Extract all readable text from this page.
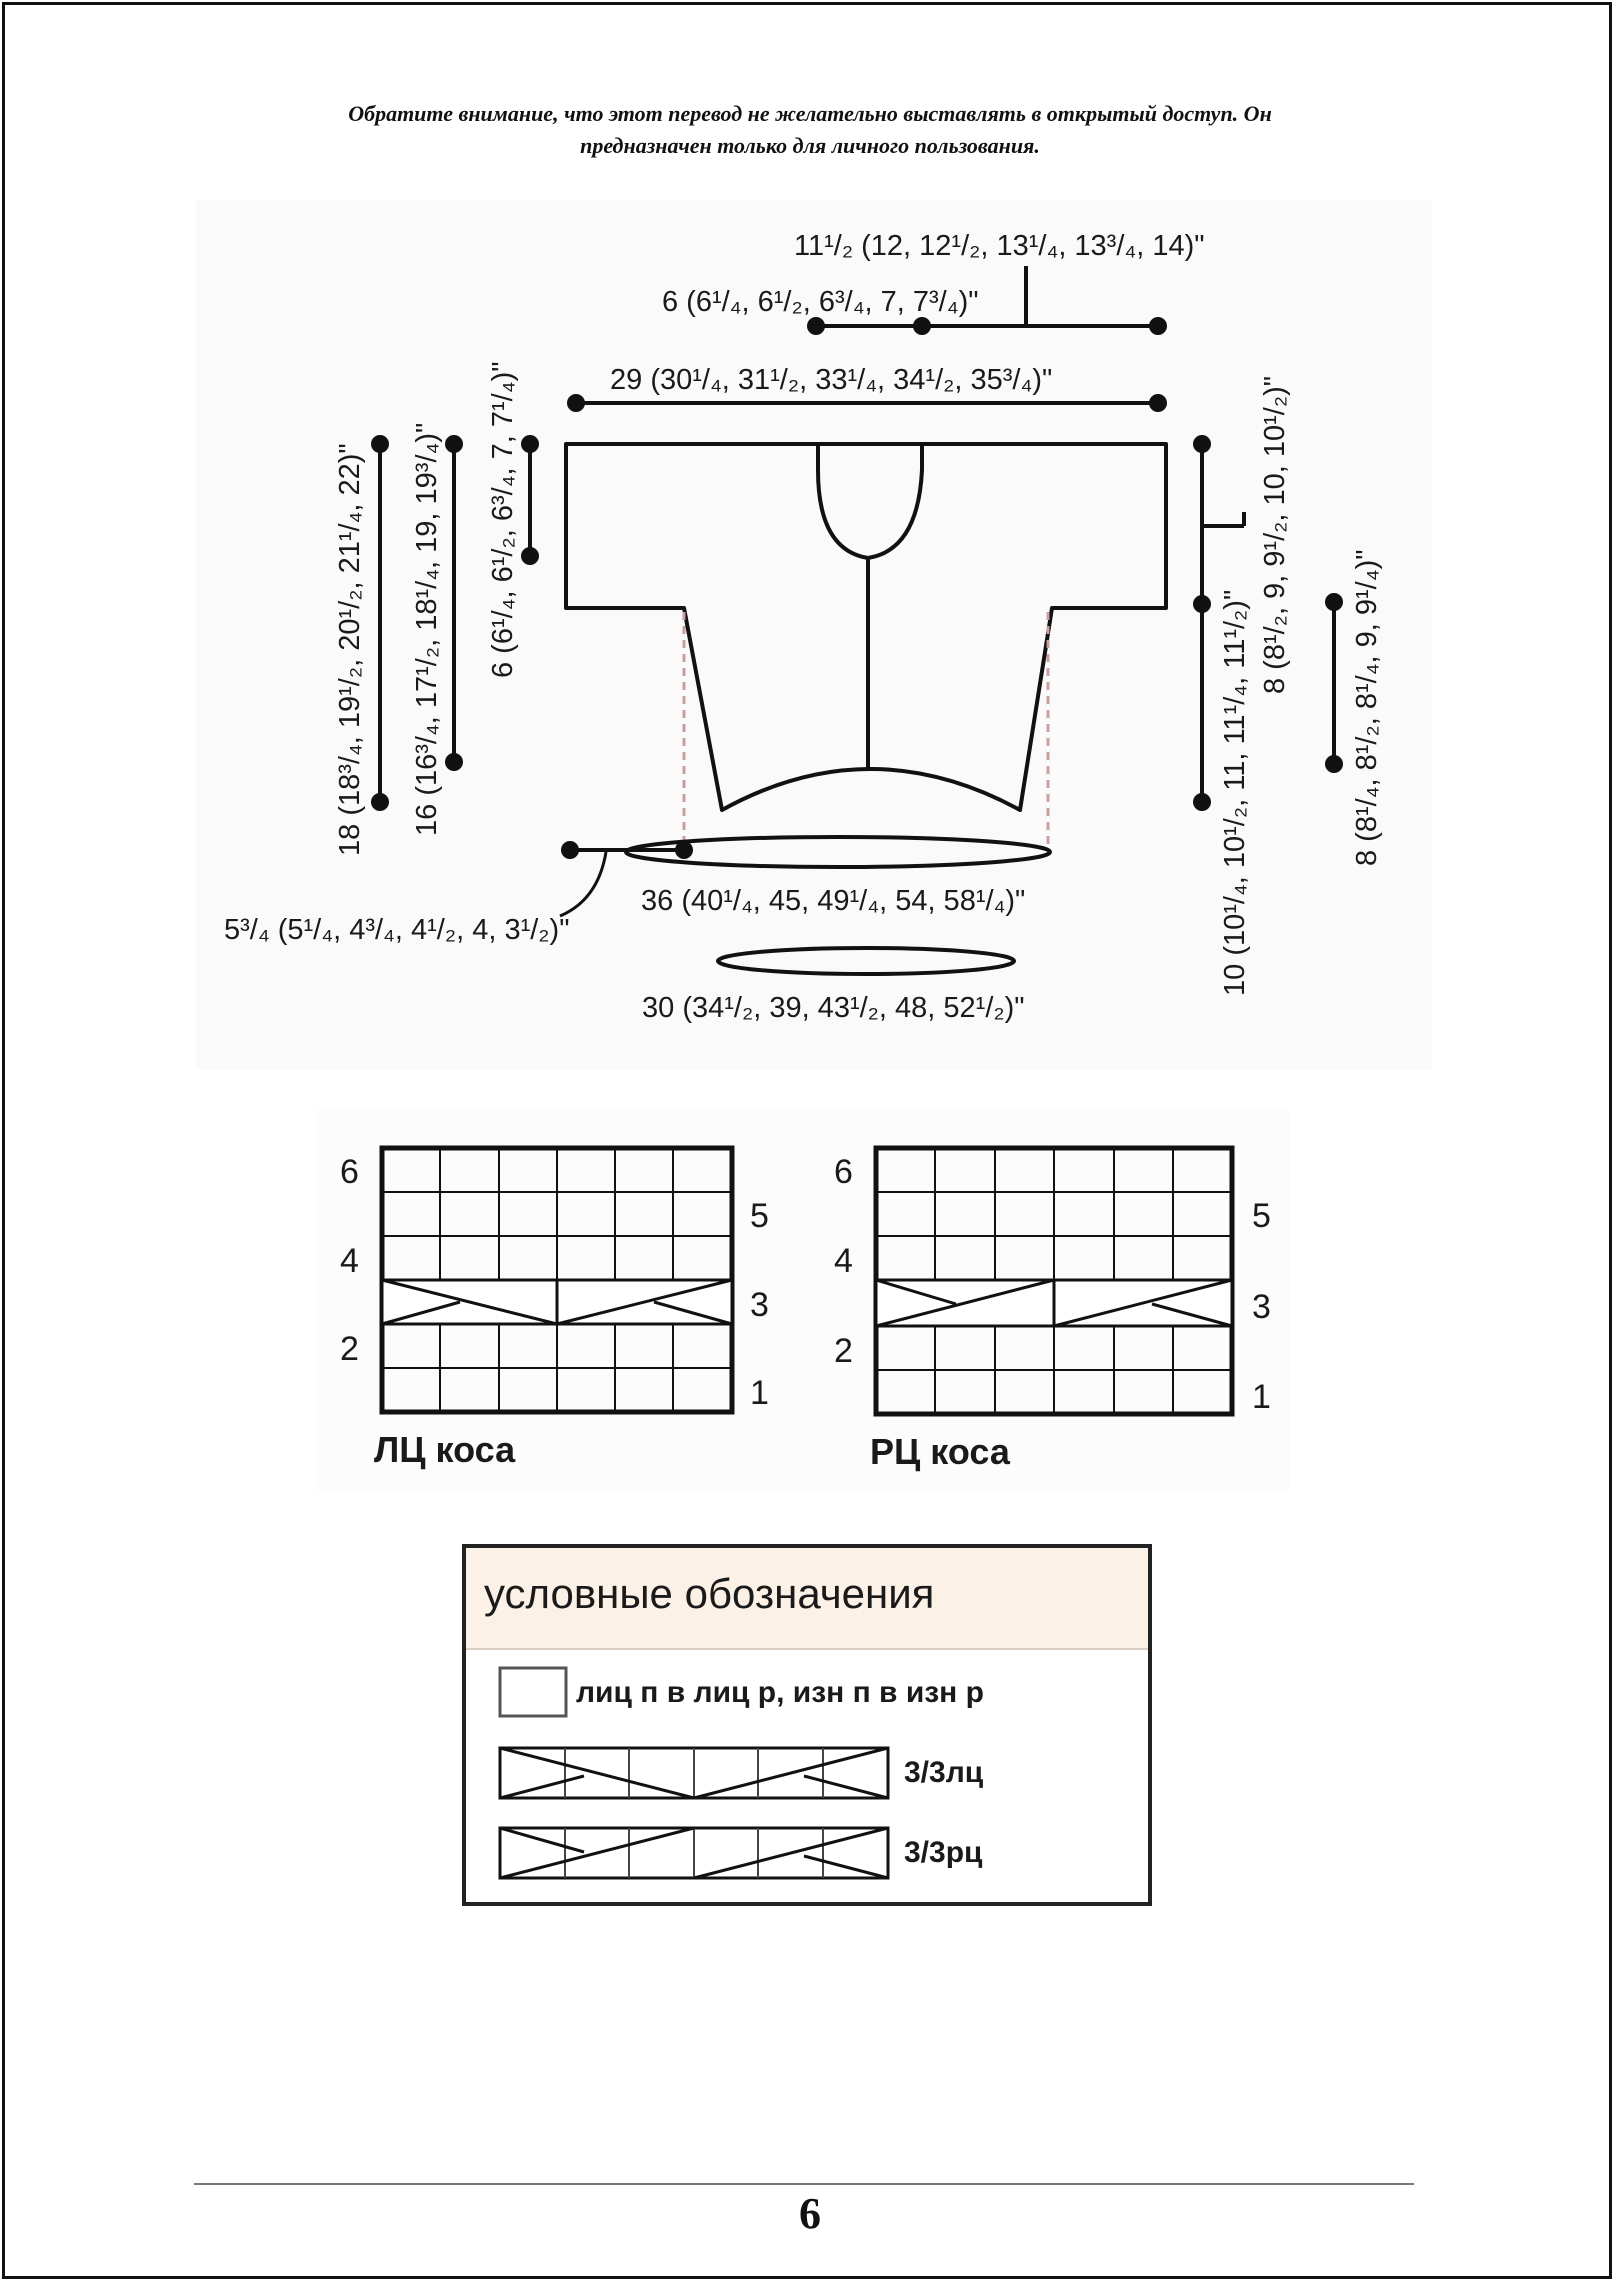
Обратите внимание, что этот перевод не желательно выставлять в открытый доступ. Он
предназначен только для личного пользования.
11¹/₂ (12, 12¹/₂, 13¹/₄, 13³/₄, 14)"
6 (6¹/₄, 6¹/₂, 6³/₄, 7, 7³/₄)"
29 (30¹/₄, 31¹/₂, 33¹/₄, 34¹/₂, 35³/₄)"
5³/₄ (5¹/₄, 4³/₄, 4¹/₂, 4, 3¹/₂)"
36 (40¹/₄, 45, 49¹/₄, 54, 58¹/₄)"
30 (34¹/₂, 39, 43¹/₂, 48, 52¹/₂)"
18 (18³/₄, 19¹/₂, 20¹/₂, 21¹/₄, 22)" 16 (16³/₄, 17¹/₂, 18¹/₄, 19, 19³/₄)" 6 (6¹/₄, 6¹/₂, 6³/₄, 7, 7¹/₄)"
10 (10¹/₄, 10¹/₂, 11, 11¹/₄, 11¹/₂)"
8 (8¹/₂, 9, 9¹/₂, 10, 10¹/₂)"
8 (8¹/₄, 8¹/₂, 8¹/₄, 9, 9¹/₄)"
6
4
2
5
3
1
ЛЦ коса
6
4
2
5
3
1
РЦ коса
условные обозначения
лиц п в лиц р, изн п в изн р
3/3лц
3/3рц
6
